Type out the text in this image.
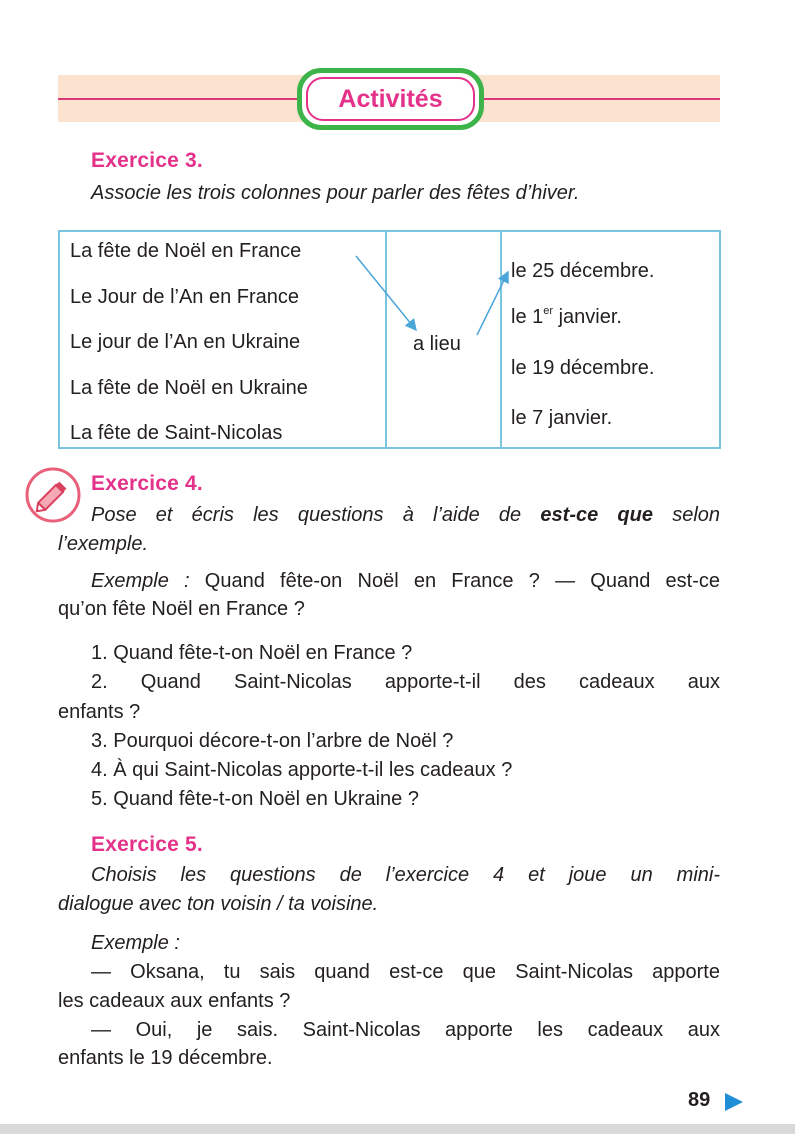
Activités
Exercice 3.
Associe les trois colonnes pour parler des fêtes d’hiver.
La fête de Noël en France
Le Jour de l’An en France
Le jour de l’An en Ukraine
La fête de Noël en Ukraine
La fête de Saint-Nicolas
a lieu
le 25 décembre.
le 1er janvier.
le 19 décembre.
le 7 janvier.
Exercice 4.
Pose et écris les questions à l’aide de est-ce que selon
l’exemple.
Exemple : Quand fête-on Noël en France ? — Quand est-ce
qu’on fête Noël en France ?
1. Quand fête-t-on Noël en France ?
2. Quand Saint-Nicolas apporte-t-il des cadeaux aux
enfants ?
3. Pourquoi décore-t-on l’arbre de Noël ?
4. À qui Saint-Nicolas apporte-t-il les cadeaux ?
5. Quand fête-t-on Noël en Ukraine ?
Exercice 5.
Choisis les questions de l’exercice 4 et joue un mini-
dialogue avec ton voisin / ta voisine.
Exemple :
— Oksana, tu sais quand est-ce que Saint-Nicolas apporte
les cadeaux aux enfants ?
— Oui, je sais. Saint-Nicolas apporte les cadeaux aux
enfants le 19 décembre.
89
